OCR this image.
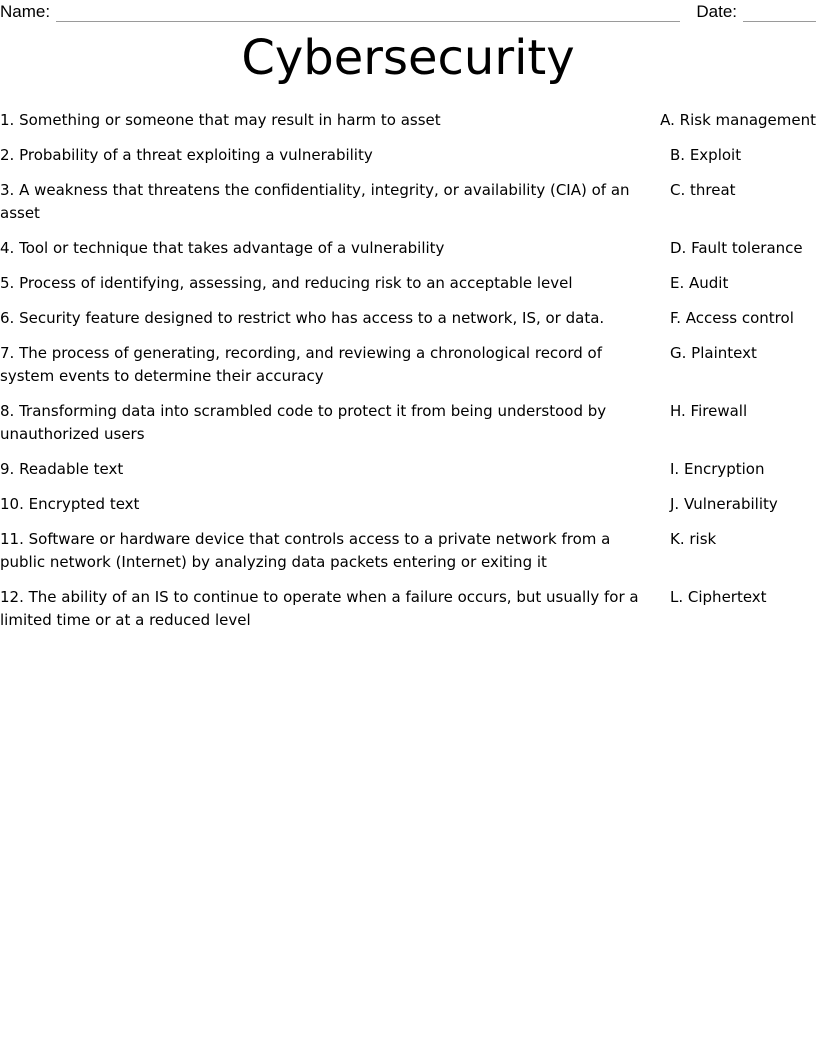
Name:	Date:
Cybersecurity
1. Something or someone that may result in harm to asset	A. Risk management
2. Probability of a threat exploiting a vulnerability	B. Exploit
3. A weakness that threatens the confidentiality, integrity, or availability (CIA) of an asset
C. threat
4. Tool or technique that takes advantage of a vulnerability	D. Fault tolerance
5. Process of identifying, assessing, and reducing risk to an acceptable level	E. Audit
6. Security feature designed to restrict who has access to a network, IS, or data.	F. Access control
7. The process of generating, recording, and reviewing a chronological record of system events to determine their accuracy
G. Plaintext
8. Transforming data into scrambled code to protect it from being understood by unauthorized users
H. Firewall
9. Readable text	I. Encryption
10. Encrypted text	J. Vulnerability
11. Software or hardware device that controls access to a private network from a public network (Internet) by analyzing data packets entering or exiting it
K. risk
12. The ability of an IS to continue to operate when a failure occurs, but usually for a limited time or at a reduced level
L. Ciphertext
